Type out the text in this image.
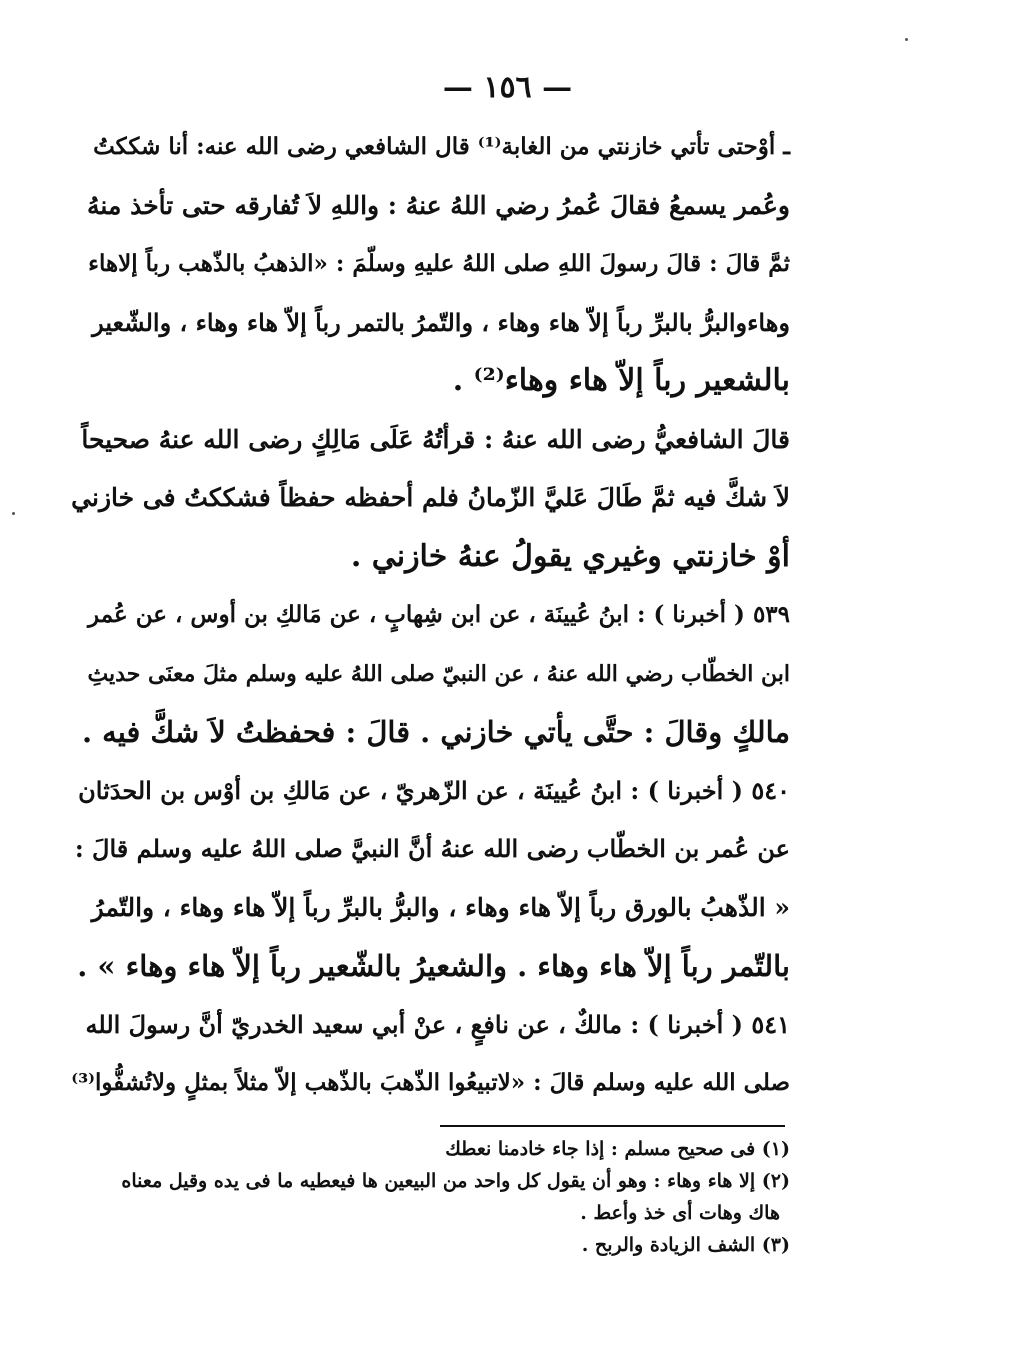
— ١٥٦ —

ـ أوْحتى تأتي خازنتي من الغابة⁽¹⁾ قال الشافعي رضى الله عنه: أنا شككتُ

وعُمر يسمعُ فقالَ عُمرُ رضي اللهُ عنهُ : واللهِ لاَ تُفارقه حتى تأخذ منهُ

ثمَّ قالَ : قالَ رسولَ اللهِ صلى اللهُ عليهِ وسلّمَ : «الذهبُ بالذّهب رباً إلاهاء

وهاءوالبرُّ بالبرِّ رباً إلاّ هاء وهاء ، والتّمرُ بالتمر رباً إلاّ هاء وهاء ، والشّعير

بالشعير رباً إلاّ هاء وهاء⁽²⁾ .

قالَ الشافعيُّ رضى الله عنهُ : قرأتُهُ عَلَى مَالِكٍ رضى الله عنهُ صحيحاً

لاَ شكَّ فيه ثمَّ طَالَ عَليَّ الزّمانُ فلم أحفظه حفظاً فشككتُ فى خازني

أوْ خازنتي وغيري يقولُ عنهُ خازني .

٥٣٩ ( أخبرنا ) : ابنُ عُيينَة ، عن ابن شِهابٍ ، عن مَالكِ بن أوس ، عن عُمر

ابن الخطّاب رضي الله عنهُ ، عن النبيّ صلى اللهُ عليه وسلم مثلَ معنَى حديثِ

مالكٍ وقالَ : حتَّى يأتي خازني . قالَ : فحفظتُ لاَ شكَّ فيه .

٥٤٠ ( أخبرنا ) : ابنُ عُيينَة ، عن الزّهريّ ، عن مَالكِ بن أوْس بن الحدَثان

عن عُمر بن الخطّاب رضى الله عنهُ أنَّ النبيَّ صلى اللهُ عليه وسلم قالَ :

« الذّهبُ بالورق رباً إلاّ هاء وهاء ، والبرُّ بالبرِّ رباً إلاّ هاء وهاء ، والتّمرُ

بالتّمر رباً إلاّ هاء وهاء . والشعيرُ بالشّعير رباً إلاّ هاء وهاء » .

٥٤١ ( أخبرنا ) : مالكٌ ، عن نافعٍ ، عنْ أبي سعيد الخدريّ أنَّ رسولَ الله

صلى الله عليه وسلم قالَ : «لاتبيعُوا الذّهبَ بالذّهب إلاّ مثلاً بمثلٍ ولاتُشفُّوا⁽³⁾

(١) فى صحيح مسلم : إذا جاء خادمنا نعطك

(٢) إلا هاء وهاء : وهو أن يقول كل واحد من البيعين ها فيعطيه ما فى يده وقيل معناه

هاك وهات أى خذ وأعط .

(٣) الشف الزيادة والربح .
